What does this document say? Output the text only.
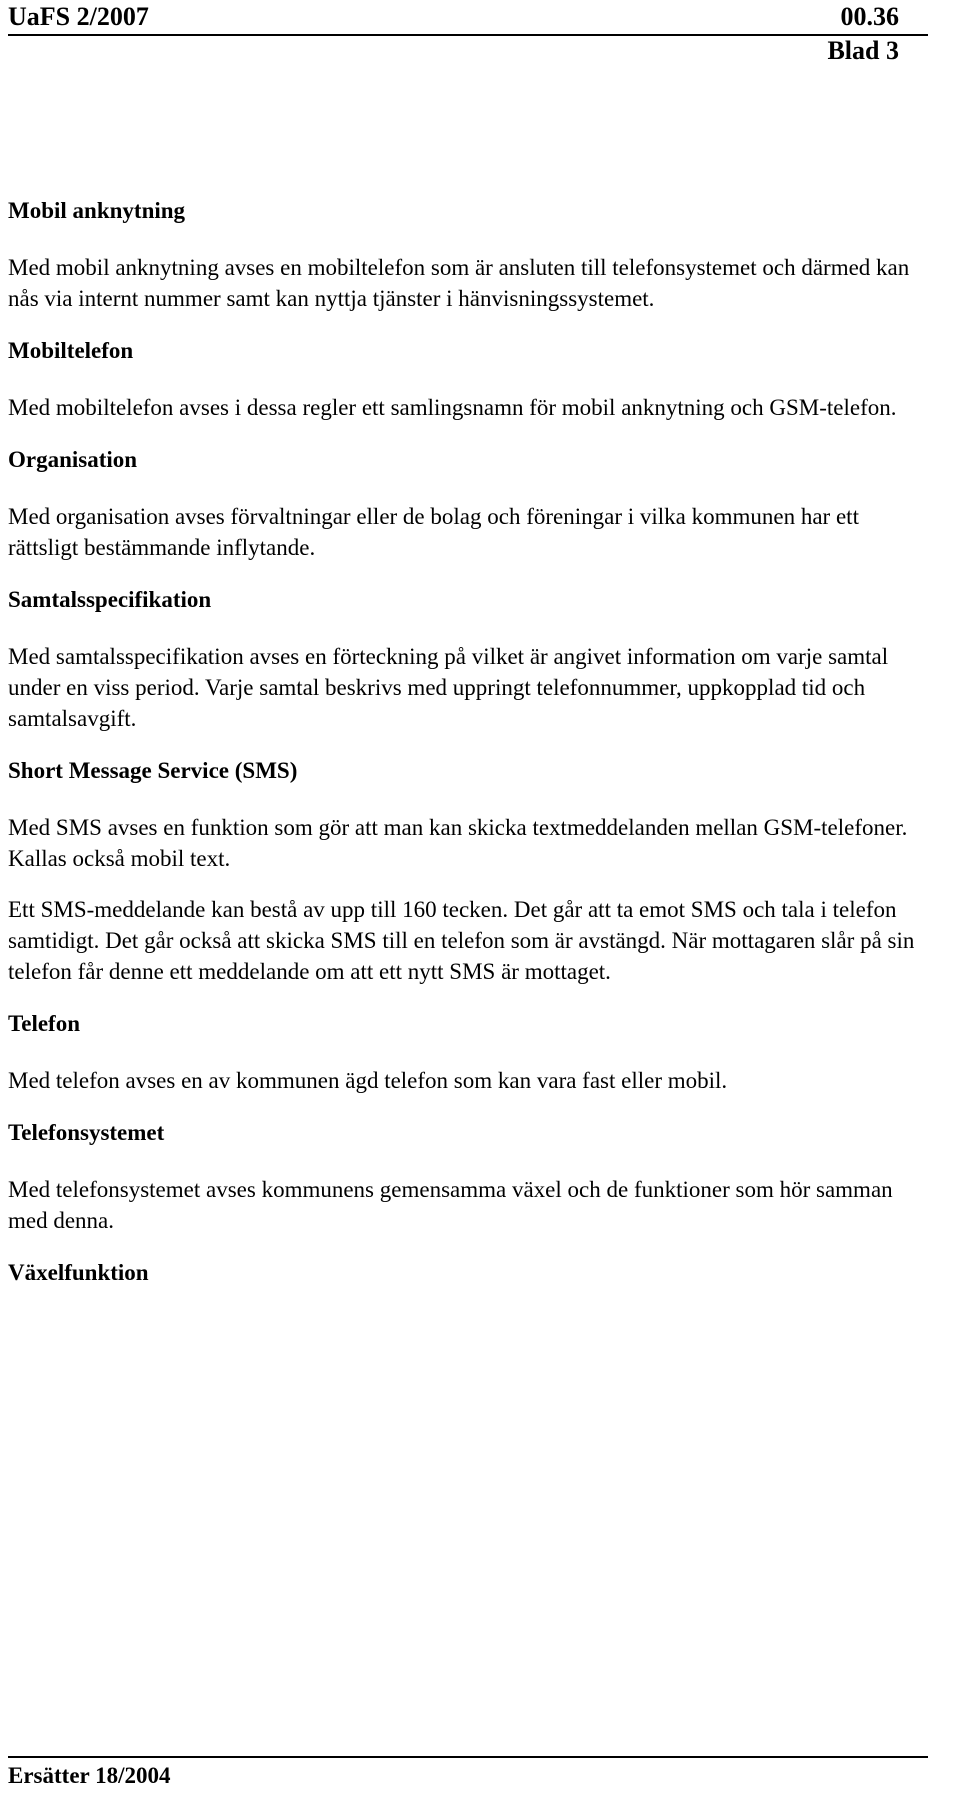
UaFS 2/2007	00.36
Blad 3

Mobil anknytning

Med mobil anknytning avses en mobiltelefon som är ansluten till telefonsystemet och därmed kan nås via internt nummer samt kan nyttja tjänster i hänvisningssystemet.

Mobiltelefon

Med mobiltelefon avses i dessa regler ett samlingsnamn för mobil anknytning och GSM-telefon.

Organisation

Med organisation avses förvaltningar eller de bolag och föreningar i vilka kommunen har ett rättsligt bestämmande inflytande.

Samtalsspecifikation

Med samtalsspecifikation avses en förteckning på vilket är angivet information om varje samtal under en viss period. Varje samtal beskrivs med uppringt telefonnummer, uppkopplad tid och samtalsavgift.

Short Message Service (SMS)

Med SMS avses en funktion som gör att man kan skicka textmeddelanden mellan GSM-telefoner. Kallas också mobil text.

Ett SMS-meddelande kan bestå av upp till 160 tecken. Det går att ta emot SMS och tala i telefon samtidigt. Det går också att skicka SMS till en telefon som är avstängd. När mottagaren slår på sin telefon får denne ett meddelande om att ett nytt SMS är mottaget.

Telefon

Med telefon avses en av kommunen ägd telefon som kan vara fast eller mobil.

Telefonsystemet

Med telefonsystemet avses kommunens gemensamma växel och de funktioner som hör samman med denna.

Växelfunktion

Ersätter 18/2004
